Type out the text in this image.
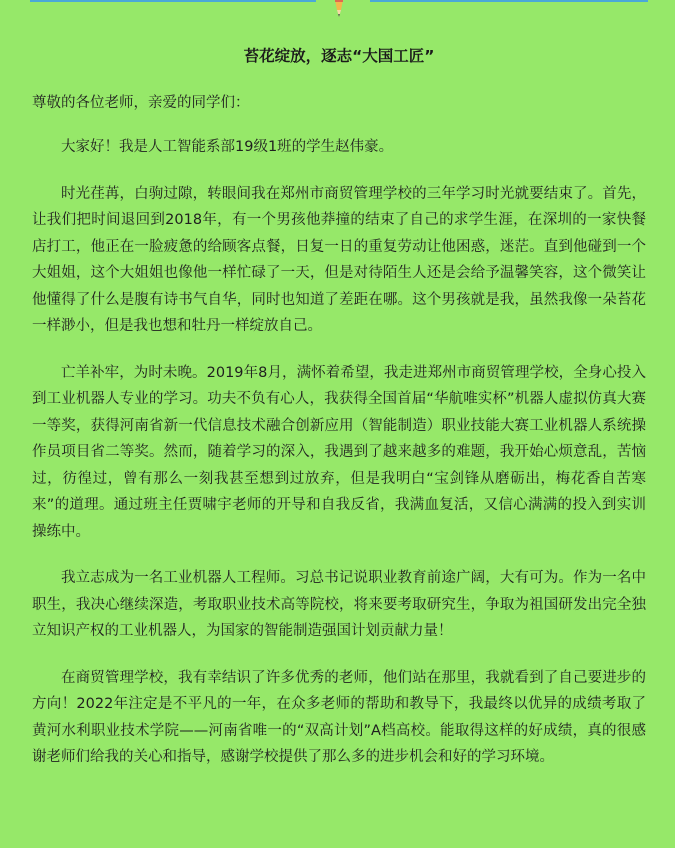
苔花绽放，逐志“大国工匠”

尊敬的各位老师，亲爱的同学们：

大家好！我是人工智能系部19级1班的学生赵伟豪。

时光荏苒，白驹过隙，转眼间我在郑州市商贸管理学校的三年学习时光就要结束了。首先，让我们把时间退回到2018年，有一个男孩他莽撞的结束了自己的求学生涯，在深圳的一家快餐店打工，他正在一脸疲惫的给顾客点餐，日复一日的重复劳动让他困惑，迷茫。直到他碰到一个大姐姐，这个大姐姐也像他一样忙碌了一天，但是对待陌生人还是会给予温馨笑容，这个微笑让他懂得了什么是腹有诗书气自华，同时也知道了差距在哪。这个男孩就是我，虽然我像一朵苔花一样渺小，但是我也想和牡丹一样绽放自己。

亡羊补牢，为时未晚。2019年8月，满怀着希望，我走进郑州市商贸管理学校，全身心投入到工业机器人专业的学习。功夫不负有心人，我获得全国首届“华航唯实杯”机器人虚拟仿真大赛一等奖，获得河南省新一代信息技术融合创新应用（智能制造）职业技能大赛工业机器人系统操作员项目省二等奖。然而，随着学习的深入，我遇到了越来越多的难题，我开始心烦意乱，苦恼过，彷徨过，曾有那么一刻我甚至想到过放弃，但是我明白“宝剑锋从磨砺出，梅花香自苦寒来”的道理。通过班主任贾啸宇老师的开导和自我反省，我满血复活，又信心满满的投入到实训操练中。

我立志成为一名工业机器人工程师。习总书记说职业教育前途广阔，大有可为。作为一名中职生，我决心继续深造，考取职业技术高等院校，将来要考取研究生，争取为祖国研发出完全独立知识产权的工业机器人，为国家的智能制造强国计划贡献力量！

在商贸管理学校，我有幸结识了许多优秀的老师，他们站在那里，我就看到了自己要进步的方向！2022年注定是不平凡的一年，在众多老师的帮助和教导下，我最终以优异的成绩考取了黄河水利职业技术学院——河南省唯一的“双高计划”A档高校。能取得这样的好成绩，真的很感谢老师们给我的关心和指导，感谢学校提供了那么多的进步机会和好的学习环境。
